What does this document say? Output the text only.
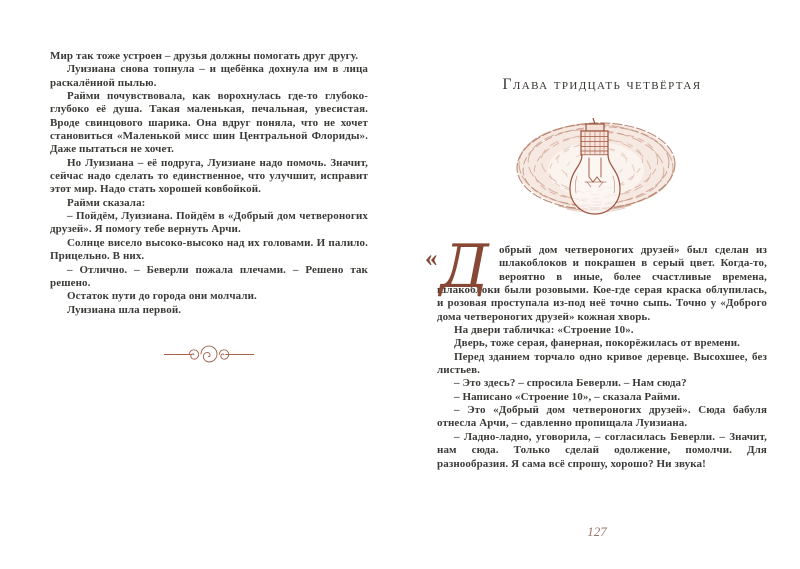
Мир так тоже устроен – друзья должны помогать друг другу.

Луизиана снова топнула – и щебёнка дохнула им в лица раскалённой пылью.

Райми почувствовала, как ворохнулась где-то глубоко-глубоко её душа. Такая маленькая, печальная, увесистая. Вроде свинцового шарика. Она вдруг поняла, что не хочет становиться «Маленькой мисс шин Центральной Флориды». Даже пытаться не хочет.

Но Луизиана – её подруга, Луизиане надо помочь. Значит, сейчас надо сделать то единственное, что улучшит, исправит этот мир. Надо стать хорошей ковбойкой.

Райми сказала:

– Пойдём, Луизиана. Пойдём в «Добрый дом четвероногих друзей». Я помогу тебе вернуть Арчи.

Солнце висело высоко-высоко над их головами. И палило. Прицельно. В них.

– Отлично. – Беверли пожала плечами. – Решено так решено.

Остаток пути до города они молчали.

Луизиана шла первой.

Глава тридцать четвёртая

« Д обрый дом четвероногих друзей» был сделан из шлакоблоков и покрашен в серый цвет. Когда-то, вероятно в иные, более счастливые времена, шлакоблоки были розовыми. Кое-где серая краска облупилась, и розовая проступала из-под неё точно сыпь. Точно у «Доброго дома четвероногих друзей» кожная хворь.

На двери табличка: «Строение 10».

Дверь, тоже серая, фанерная, покорёжилась от времени.

Перед зданием торчало одно кривое деревце. Высохшее, без листьев.

– Это здесь? – спросила Беверли. – Нам сюда?

– Написано «Строение 10», – сказала Райми.

– Это «Добрый дом четвероногих друзей». Сюда бабуля отнесла Арчи, – сдавленно пропищала Луизиана.

– Ладно-ладно, уговорила, – согласилась Беверли. – Значит, нам сюда. Только сделай одолжение, помолчи. Для разнообразия. Я сама всё спрошу, хорошо? Ни звука!

127
